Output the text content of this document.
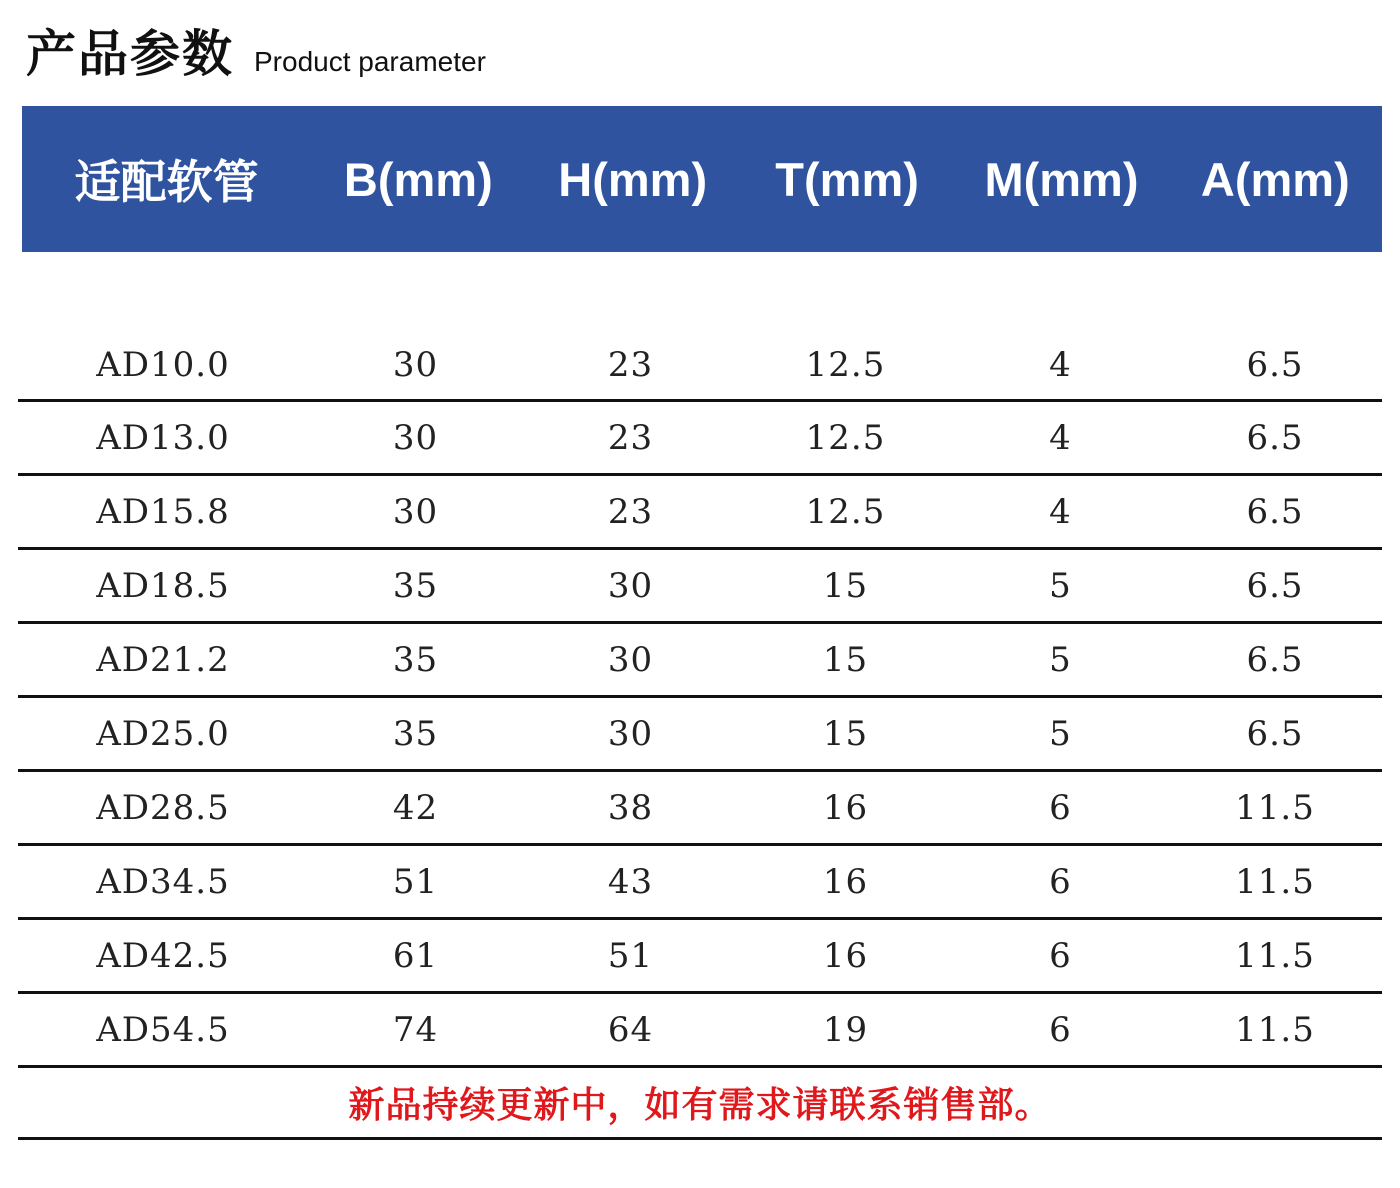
产品参数 Product parameter
适配软管	B(mm)	H(mm)	T(mm)	M(mm)	A(mm)
AD10.0	30	23	12.5	4	6.5
AD13.0	30	23	12.5	4	6.5
AD15.8	30	23	12.5	4	6.5
AD18.5	35	30	15	5	6.5
AD21.2	35	30	15	5	6.5
AD25.0	35	30	15	5	6.5
AD28.5	42	38	16	6	11.5
AD34.5	51	43	16	6	11.5
AD42.5	61	51	16	6	11.5
AD54.5	74	64	19	6	11.5
新品持续更新中，如有需求请联系销售部。
